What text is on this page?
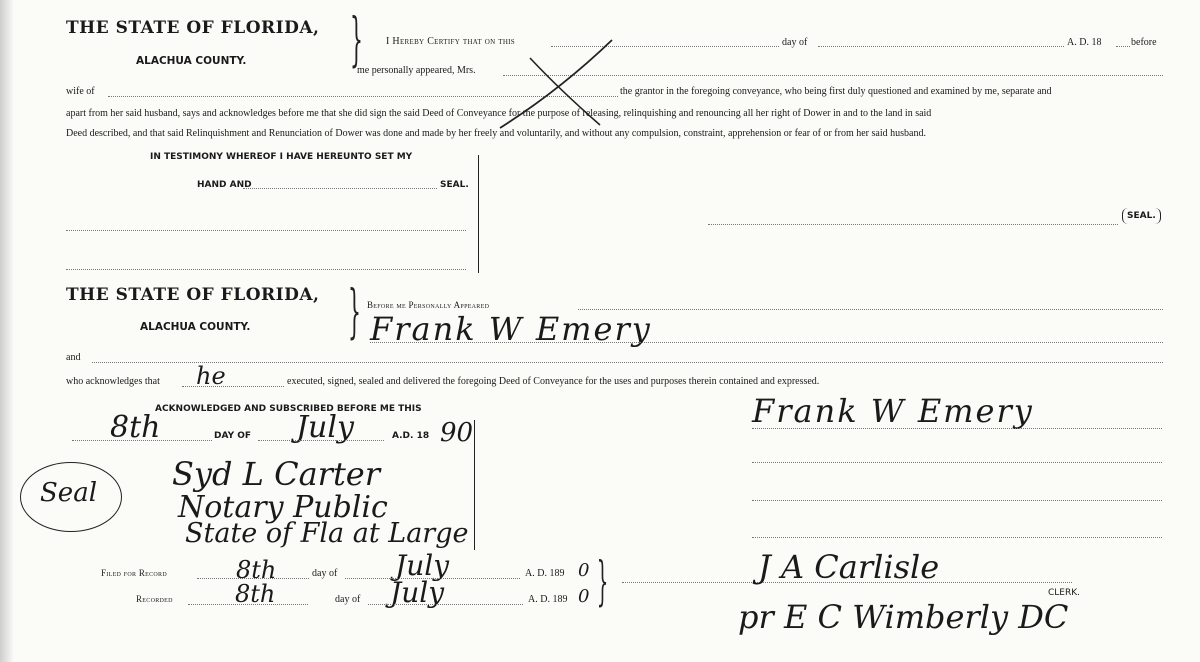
THE STATE OF FLORIDA,
ALACHUA COUNTY. } I Hereby Certify that on this	day of	A. D. 18	before
me personally appeared, Mrs.
wife of	the grantor in the foregoing conveyance, who being first duly questioned and examined by me, separate and
apart from her said husband, says and acknowledges before me that she did sign the said Deed of Conveyance for the purpose of releasing, relinquishing and renouncing all her right of Dower in and to the land in said
Deed described, and that said Relinquishment and Renunciation of Dower was done and made by her freely and voluntarily, and without any compulsion, constraint, apprehension or fear of or from her said husband.
IN TESTIMONY WHEREOF I HAVE HEREUNTO SET MY
HAND AND	SEAL.
SEAL.
THE STATE OF FLORIDA,
ALACHUA COUNTY. } Before me Personally Appeared
Frank W Emery
and
who acknowledges that he	executed, signed, sealed and delivered the foregoing Deed of Conveyance for the uses and purposes therein contained and expressed.
ACKNOWLEDGED AND SUBSCRIBED BEFORE ME THIS
8th	DAY OF July	A.D. 18 90
Seal Syd L Carter
Notary Public
State of Fla at Large
Frank W Emery
Filed for Record	8th	day of July	A. D. 189 0
Recorded	8th	day of July	A. D. 189 0 }	CLERK.
J A Carlisle
pr E C Wimberly DC
